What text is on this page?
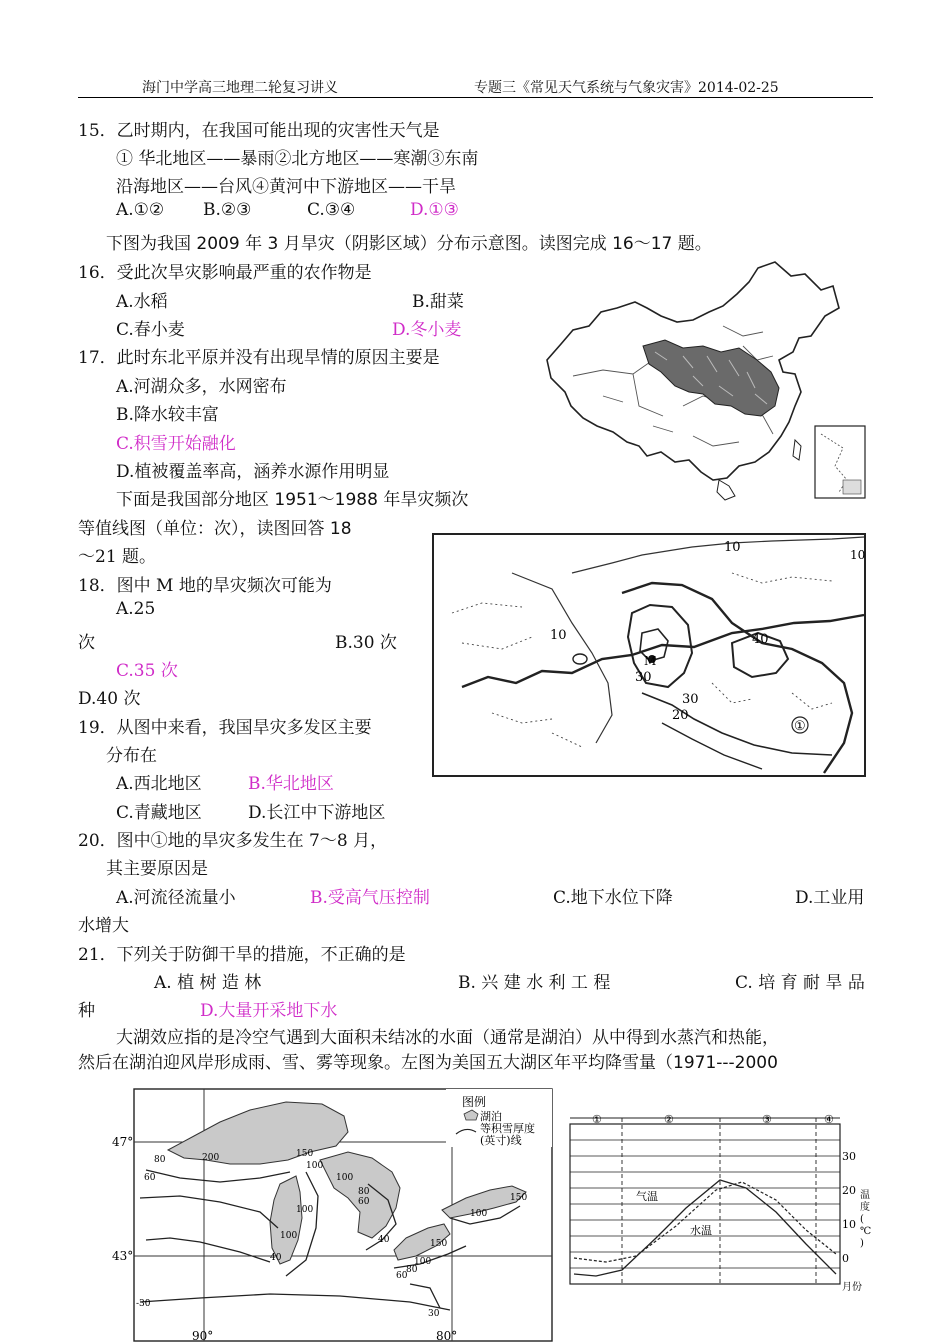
海门中学高三地理二轮复习讲义	专题三《常见天气系统与气象灾害》2014-02-25
15．乙时期内，在我国可能出现的灾害性天气是
① 华北地区——暴雨②北方地区——寒潮③东南
沿海地区——台风④黄河中下游地区——干旱
A.①② B.②③	C.③④	D.①③
下图为我国 2009 年 3 月旱灾（阴影区域）分布示意图。读图完成 16～17 题。
16．受此次旱灾影响最严重的农作物是
A.水稻	B.甜菜
C.春小麦	D.冬小麦
17．此时东北平原并没有出现旱情的原因主要是
A.河湖众多，水网密布
B.降水较丰富
C.积雪开始融化
D.植被覆盖率高，涵养水源作用明显
下面是我国部分地区 1951～1988 年旱灾频次
等值线图（单位：次），读图回答 18
～21 题。
18．图中 M 地的旱灾频次可能为
A.25
次	B.30 次
C.35 次
D.40 次
10
10
30
40
30
20
M
①
10
19．从图中来看，我国旱灾多发区主要
分布在
A.西北地区	B.华北地区
C.青藏地区	D.长江中下游地区
20．图中①地的旱灾多发生在 7～8 月，
其主要原因是
A.河流径流量小	B.受高气压控制	C.地下水位下降	D.工业用
水增大
21．下列关于防御干旱的措施，不正确的是
A. 植 树 造 林	B. 兴 建 水 利 工 程	C. 培 育 耐 旱 品
种	D.大量开采地下水
大湖效应指的是冷空气遇到大面积未结冰的水面（通常是湖泊）从中得到水蒸汽和热能，
然后在湖泊迎风岸形成雨、雪、雾等现象。左图为美国五大湖区年平均降雪量（1971---2000
图例
湖泊
等积雪厚度
(英寸)线
47°
43°
90°	80°
80	200
60
150
100
100
80
60
100
100
40
100
150
100
80
60
40
30
-30
150
①	②	③	④
气温
水温
30
20
10
0
温
度
(
℃
)
月份
